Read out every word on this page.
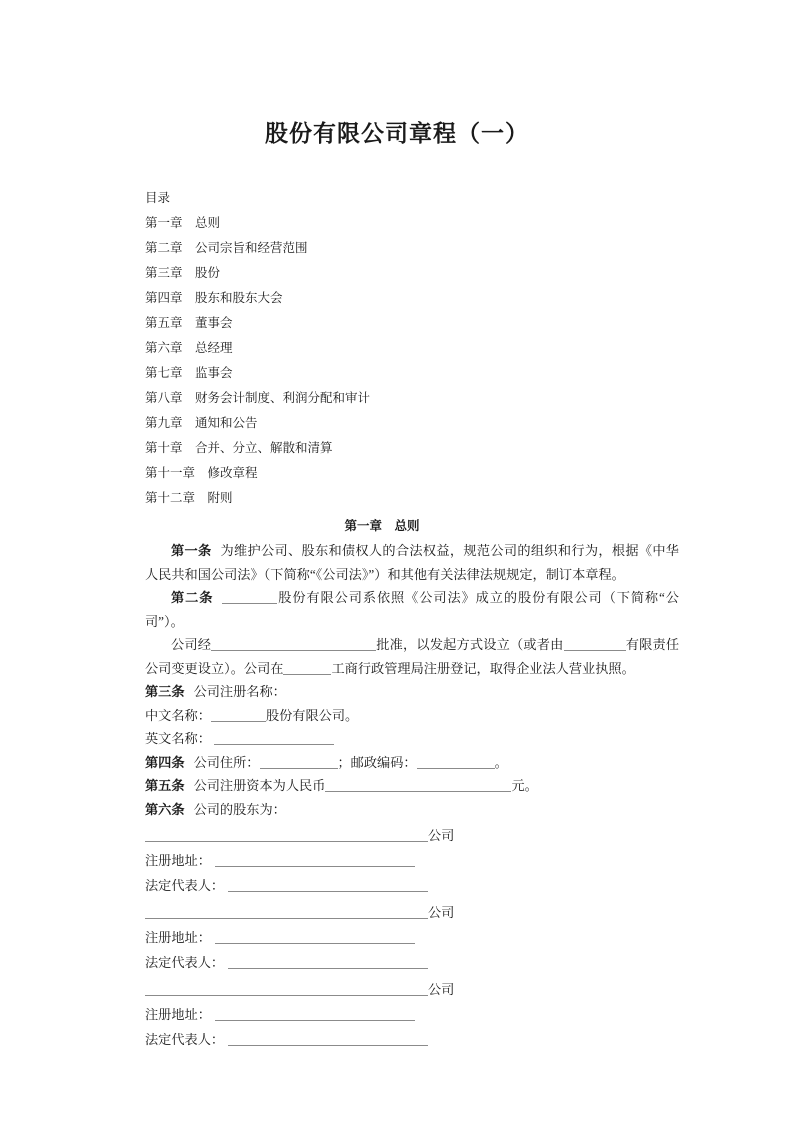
股份有限公司章程（一）

目录

第一章　 总则

第二章　 公司宗旨和经营范围

第三章　 股份

第四章　 股东和股东大会

第五章　 董事会

第六章　 总经理

第七章　 监事会

第八章　 财务会计制度、利润分配和审计

第九章　 通知和公告

第十章　 合并、分立、解散和清算

第十一章　 修改章程

第十二章　 附则

第一章　总则

第一条 为维护公司、股东和债权人的合法权益，规范公司的组织和行为，根据《中华人民共和国公司法》（下简称“《公司法》”）和其他有关法律法规规定，制订本章程。

第二条	股份有限公司系依照《公司法》成立的股份有限公司（下简称“公司”）。

公司经	批准，以发起方式设立（或者由	有限责任公司变更设立）。公司在	工商行政管理局注册登记，取得企业法人营业执照。

第三条 公司注册名称：

中文名称：	股份有限公司。

英文名称：

第四条 公司住所：	；邮政编码：	。

第五条 公司注册资本为人民币	元。

第六条 公司的股东为：

公司

注册地址：

法定代表人：

公司

注册地址：

法定代表人：

公司

注册地址：

法定代表人：
